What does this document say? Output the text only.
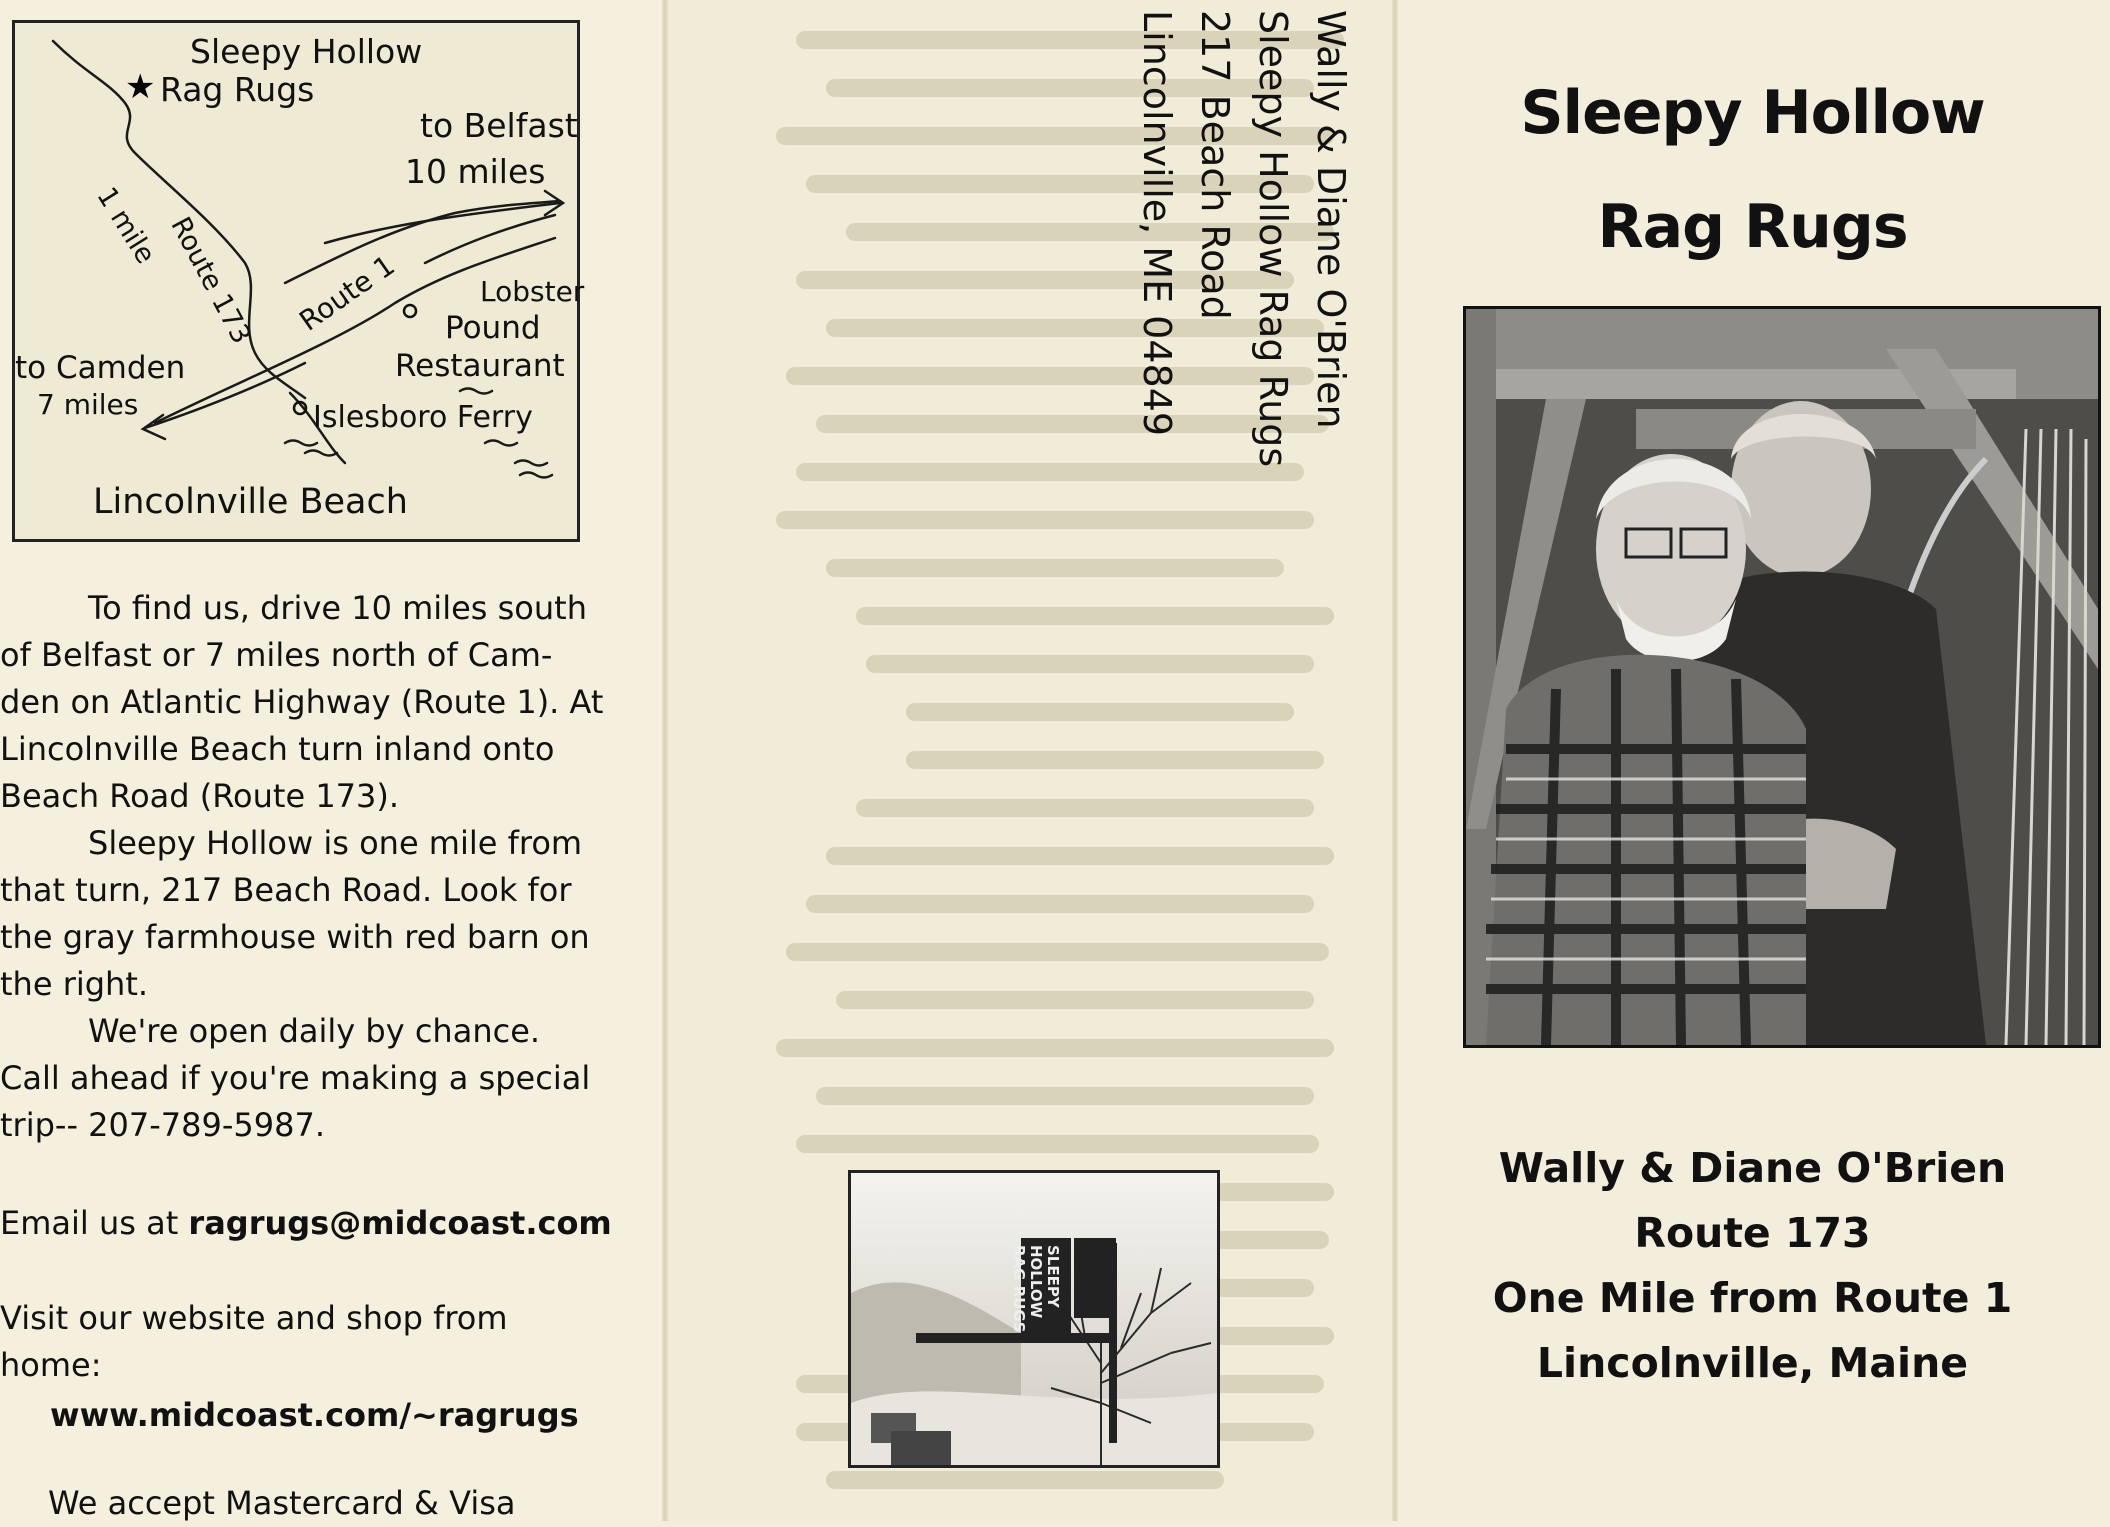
★
Sleepy Hollow
Rag Rugs
to Belfast
10 miles
1 mile Route 173 Route 1	Lobster
Pound
Restaurant
to Camden
7 miles	Islesboro Ferry
Lincolnville Beach
To find us, drive 10 miles south
of Belfast or 7 miles north of Cam-
den on Atlantic Highway (Route 1). At
Lincolnville Beach turn inland onto
Beach Road (Route 173).
Sleepy Hollow is one mile from
that turn, 217 Beach Road. Look for
the gray farmhouse with red barn on
the right.
We're open daily by chance.
Call ahead if you're making a special
trip-- 207-789-5987.
Email us at ragrugs@midcoast.com
Visit our website and shop from
home:
www.midcoast.com/~ragrugs
We accept Mastercard & Visa
Wally & Diane O'Brien
Sleepy Hollow Rag Rugs
217 Beach Road
Lincolnville, ME 04849
SLEEPY HOLLOW RAG RUGS
Sleepy Hollow
Rag Rugs
Wally & Diane O'Brien
Route 173
One Mile from Route 1
Lincolnville, Maine
